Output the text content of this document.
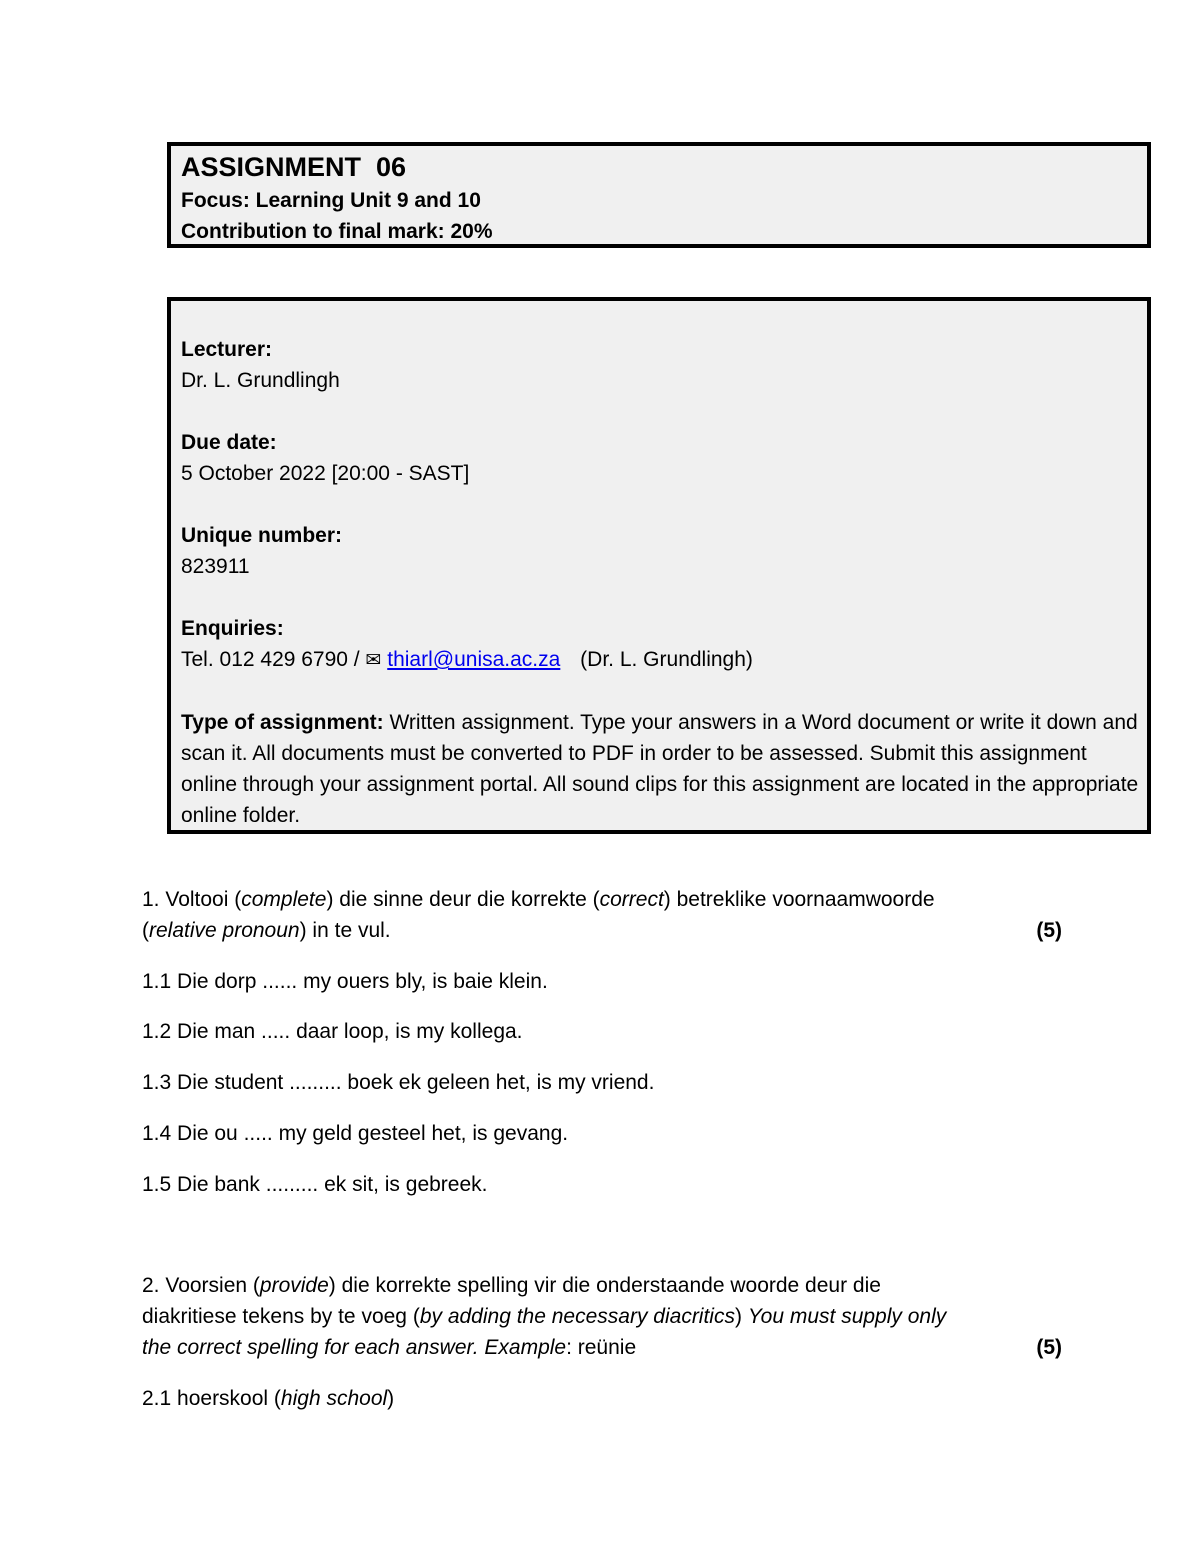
ASSIGNMENT  06
Focus: Learning Unit 9 and 10
Contribution to final mark: 20%
Lecturer:
Dr. L. Grundlingh
Due date:
5 October 2022 [20:00 - SAST]
Unique number:
823911
Enquiries:
Tel. 012 429 6790 / ✉ thiarl@unisa.ac.za (Dr. L. Grundlingh)
Type of assignment: Written assignment. Type your answers in a Word document or write it down and scan it. All documents must be converted to PDF in order to be assessed. Submit this assignment online through your assignment portal. All sound clips for this assignment are located in the appropriate online folder.
1. Voltooi (complete) die sinne deur die korrekte (correct) betreklike voornaamwoorde
(relative pronoun) in te vul.	(5)
1.1 Die dorp ...... my ouers bly, is baie klein.
1.2 Die man ..... daar loop, is my kollega.
1.3 Die student ......... boek ek geleen het, is my vriend.
1.4 Die ou ..... my geld gesteel het, is gevang.
1.5 Die bank ......... ek sit, is gebreek.
2. Voorsien (provide) die korrekte spelling vir die onderstaande woorde deur die
diakritiese tekens by te voeg (by adding the necessary diacritics) You must supply only
the correct spelling for each answer. Example: reünie	(5)
2.1 hoerskool (high school)
